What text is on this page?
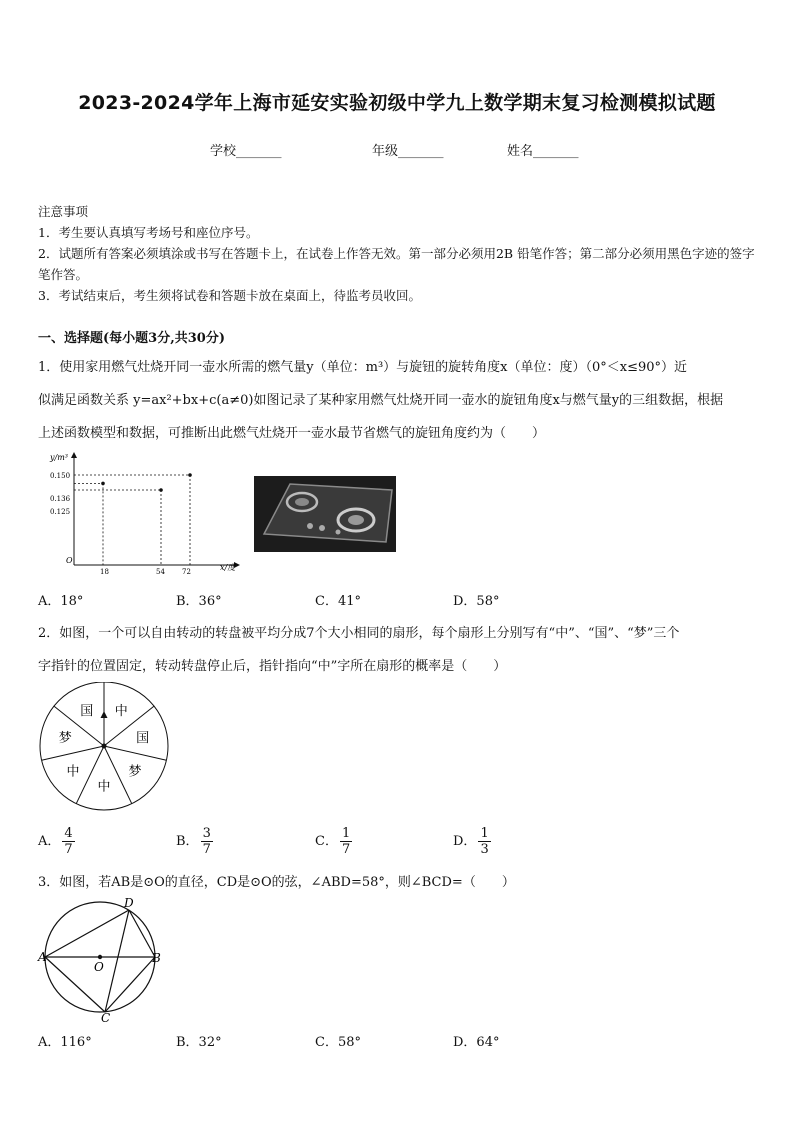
2023-2024学年上海市延安实验初级中学九上数学期末复习检测模拟试题
学校_______	年级_______	姓名_______
注意事项
1．考生要认真填写考场号和座位序号。
2．试题所有答案必须填涂或书写在答题卡上，在试卷上作答无效。第一部分必须用2B 铅笔作答；第二部分必须用黑色字迹的签字笔作答。
3．考试结束后，考生须将试卷和答题卡放在桌面上，待监考员收回。
一、选择题(每小题3分,共30分)
1．使用家用燃气灶烧开同一壶水所需的燃气量y（单位：m³）与旋钮的旋转角度x（单位：度）（0°＜x≤90°）近
似满足函数关系 y=ax²+bx+c(a≠0)如图记录了某种家用燃气灶烧开同一壶水的旋钮角度x与燃气量y的三组数据，根据
上述函数模型和数据，可推断出此燃气灶烧开一壶水最节省燃气的旋钮角度约为（　　）
y/m³
x/度
O
18	54 72
0.150
0.136
0.125
A．18°	B．36°	C．41°	D．58°
2．如图，一个可以自由转动的转盘被平均分成7个大小相同的扇形，每个扇形上分别写有“中”、“国”、“梦”三个
字指针的位置固定，转动转盘停止后，指针指向“中”字所在扇形的概率是（　　）
中
国
梦
中
中
梦
国
A． $\frac{4}{7}$	B． $\frac{3}{7}$	C． $\frac{1}{7}$	D． $\frac{1}{3}$
3．如图，若AB是⊙O的直径，CD是⊙O的弦，∠ABD=58°，则∠BCD=（　　）
A	B
C
D
O
A．116°	B．32°	C．58°	D．64°
